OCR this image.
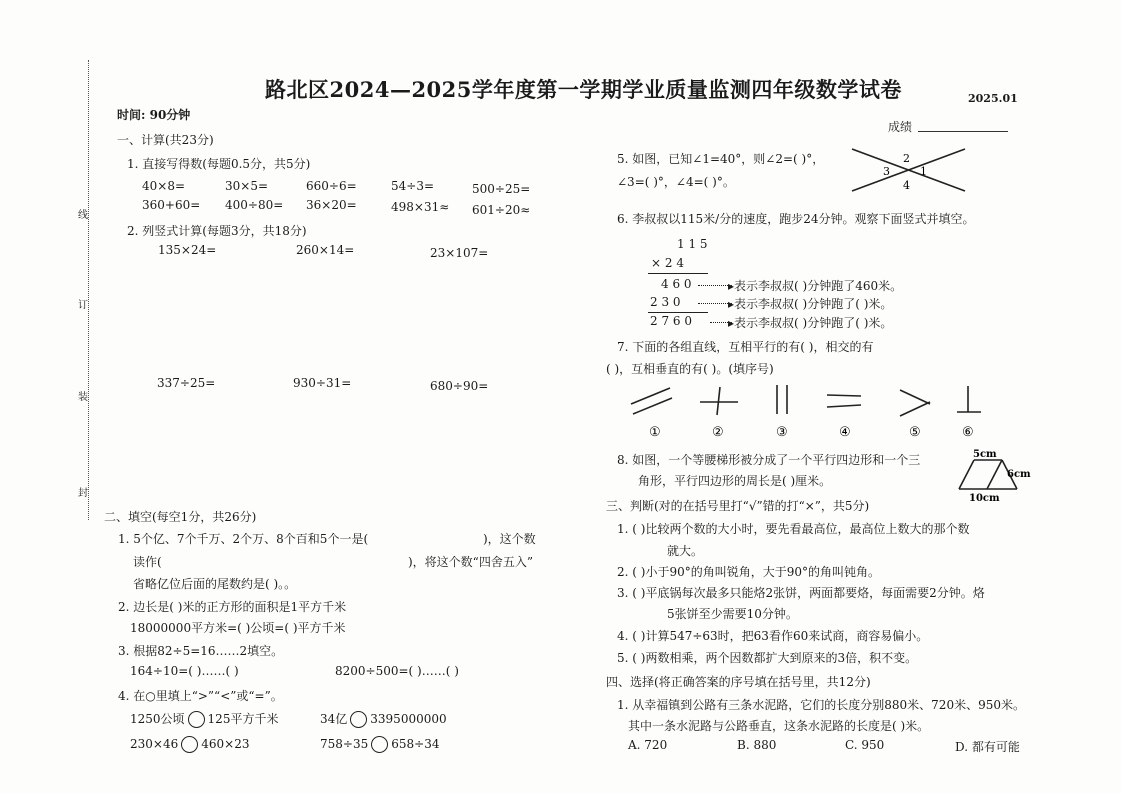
封
装
订
线
路北区2024—2025学年度第一学期学业质量监测四年级数学试卷	2025.01
时间: 90分钟
成绩
一、计算(共23分)
1. 直接写得数(每题0.5分，共5分)
40×8=	30×5=	660÷6=	54÷3=	500÷25=
360+60= 400÷80= 36×20=	498×31≈ 601÷20≈
2. 列竖式计算(每题3分，共18分)
135×24=	260×14=	23×107=
337÷25=	930÷31=	680÷90=
二、填空(每空1分，共26分)
1. 5个亿、7个千万、2个万、8个百和5个一是(	)，这个数
读作(	)，将这个数“四舍五入”
省略亿位后面的尾数约是( )。。
2. 边长是( )米的正方形的面积是1平方千米
18000000平方米=( )公顷=( )平方千米
3. 根据82÷5=16……2填空。
164÷10=( )……( )	8200÷500=( )……( )
4. 在○里填上“>”“<”或“=”。
1250公顷 125平方千米	34亿 3395000000
230×46 460×23	758÷35 658÷34
5. 如图，已知∠1=40°，则∠2=( )°，
∠3=( )°，∠4=( )°。
2
3	1
4
6. 李叔叔以115米/分的速度，跑步24分钟。观察下面竖式并填空。
1 1 5
× 2 4
4 6 0
2 3 0
2 7 6 0
▸表示李叔叔( )分钟跑了460米。
▸表示李叔叔( )分钟跑了( )米。
▸表示李叔叔( )分钟跑了( )米。
7. 下面的各组直线，互相平行的有( )，相交的有
( )，互相垂直的有( )。(填序号)
①	②	③	④	⑤	⑥
8. 如图，一个等腰梯形被分成了一个平行四边形和一个三
角形，平行四边形的周长是( )厘米。
5cm
6cm
10cm
三、判断(对的在括号里打“√”错的打“×”，共5分)
1. ( )比较两个数的大小时，要先看最高位，最高位上数大的那个数
就大。
2. ( )小于90°的角叫锐角，大于90°的角叫钝角。
3. ( )平底锅每次最多只能烙2张饼，两面都要烙，每面需要2分钟。烙
5张饼至少需要10分钟。
4. ( )计算547÷63时，把63看作60来试商，商容易偏小。
5. ( )两数相乘，两个因数都扩大到原来的3倍，积不变。
四、选择(将正确答案的序号填在括号里，共12分)
1. 从幸福镇到公路有三条水泥路，它们的长度分别880米、720米、950米。
其中一条水泥路与公路垂直，这条水泥路的长度是( )米。
A. 720	B. 880	C. 950	D. 都有可能
